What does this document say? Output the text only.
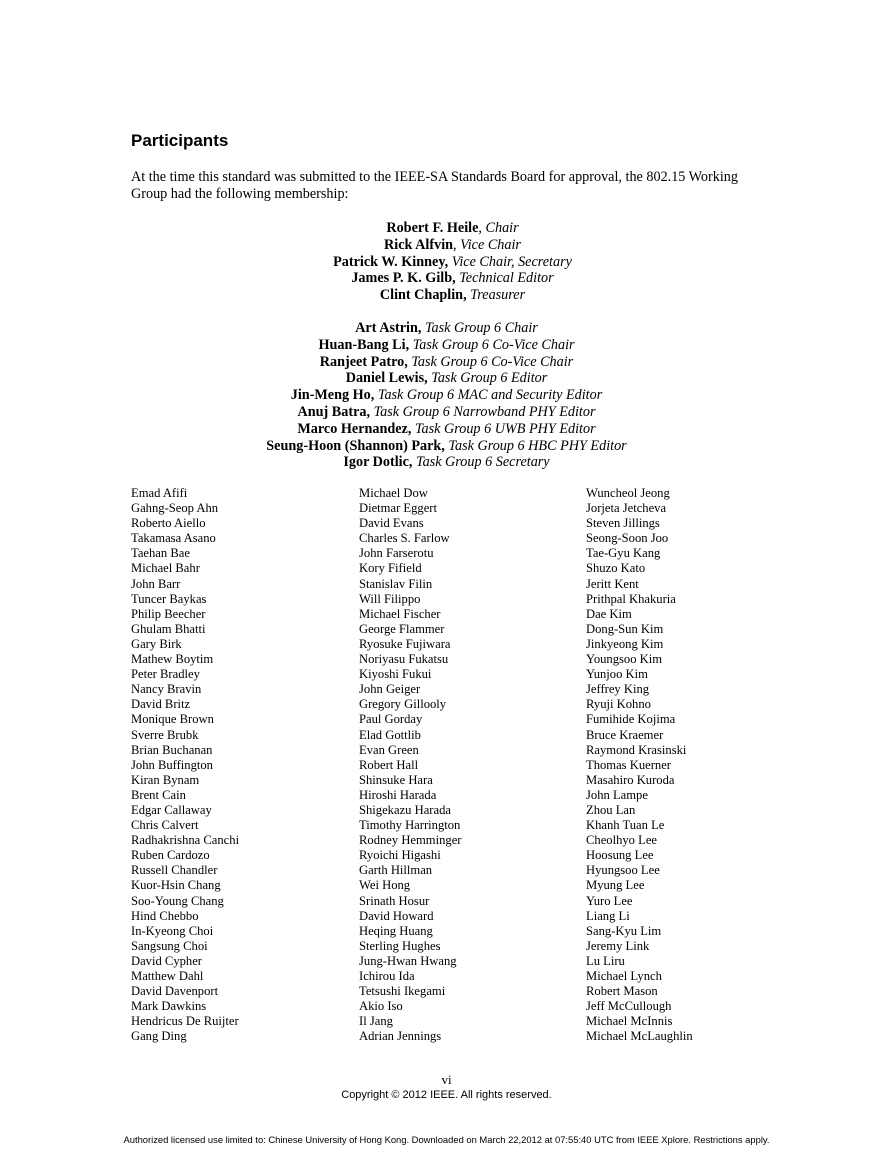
Participants

At the time this standard was submitted to the IEEE-SA Standards Board for approval, the 802.15 Working Group had the following membership:

Robert F. Heile, Chair
Rick Alfvin, Vice Chair
Patrick W. Kinney, Vice Chair, Secretary
James P. K. Gilb, Technical Editor
Clint Chaplin, Treasurer
Art Astrin, Task Group 6 Chair
Huan-Bang Li, Task Group 6 Co-Vice Chair
Ranjeet Patro, Task Group 6 Co-Vice Chair
Daniel Lewis, Task Group 6 Editor
Jin-Meng Ho, Task Group 6 MAC and Security Editor
Anuj Batra, Task Group 6 Narrowband PHY Editor
Marco Hernandez, Task Group 6 UWB PHY Editor
Seung-Hoon (Shannon) Park, Task Group 6 HBC PHY Editor
Igor Dotlic, Task Group 6 Secretary
Emad Afifi
Gahng-Seop Ahn
Roberto Aiello
Takamasa Asano
Taehan Bae
Michael Bahr
John Barr
Tuncer Baykas
Philip Beecher
Ghulam Bhatti
Gary Birk
Mathew Boytim
Peter Bradley
Nancy Bravin
David Britz
Monique Brown
Sverre Brubk
Brian Buchanan
John Buffington
Kiran Bynam
Brent Cain
Edgar Callaway
Chris Calvert
Radhakrishna Canchi
Ruben Cardozo
Russell Chandler
Kuor-Hsin Chang
Soo-Young Chang
Hind Chebbo
In-Kyeong Choi
Sangsung Choi
David Cypher
Matthew Dahl
David Davenport
Mark Dawkins
Hendricus De Ruijter
Gang Ding
Michael Dow
Dietmar Eggert
David Evans
Charles S. Farlow
John Farserotu
Kory Fifield
Stanislav Filin
Will Filippo
Michael Fischer
George Flammer
Ryosuke Fujiwara
Noriyasu Fukatsu
Kiyoshi Fukui
John Geiger
Gregory Gillooly
Paul Gorday
Elad Gottlib
Evan Green
Robert Hall
Shinsuke Hara
Hiroshi Harada
Shigekazu Harada
Timothy Harrington
Rodney Hemminger
Ryoichi Higashi
Garth Hillman
Wei Hong
Srinath Hosur
David Howard
Heqing Huang
Sterling Hughes
Jung-Hwan Hwang
Ichirou Ida
Tetsushi Ikegami
Akio Iso
Il Jang
Adrian Jennings
Wuncheol Jeong
Jorjeta Jetcheva
Steven Jillings
Seong-Soon Joo
Tae-Gyu Kang
Shuzo Kato
Jeritt Kent
Prithpal Khakuria
Dae Kim
Dong-Sun Kim
Jinkyeong Kim
Youngsoo Kim
Yunjoo Kim
Jeffrey King
Ryuji Kohno
Fumihide Kojima
Bruce Kraemer
Raymond Krasinski
Thomas Kuerner
Masahiro Kuroda
John Lampe
Zhou Lan
Khanh Tuan Le
Cheolhyo Lee
Hoosung Lee
Hyungsoo Lee
Myung Lee
Yuro Lee
Liang Li
Sang-Kyu Lim
Jeremy Link
Lu Liru
Michael Lynch
Robert Mason
Jeff McCullough
Michael McInnis
Michael McLaughlin
vi
Copyright © 2012 IEEE. All rights reserved.
Authorized licensed use limited to: Chinese University of Hong Kong. Downloaded on March 22,2012 at 07:55:40 UTC from IEEE Xplore. Restrictions apply.
